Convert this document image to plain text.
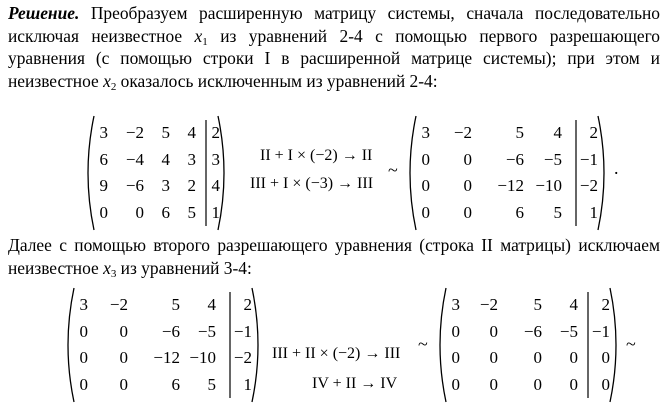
Решение. Преобразуем расширенную матрицу системы, сначала последовательно исключая неизвестное $x_1$ из уравнений 2-4 с помощью первого разрешающего уравнения (с помощью строки I в расширенной матрице системы); при этом и неизвестное $x_2$ оказалось исключенным из уравнений 2-4:

3 −2 5 4 2
6 −4 4 3 3
9 −6 3 2 4
0 0 6 5 1
II + I × (−2) → II
III + I × (−3) → III
~
3 −2	5 4 2
0 0 −6 −5 −1
0 0 −12 −10 −2
0 0	6 5 1
.

Далее с помощью второго разрешающего уравнения (строка II матрицы) исключаем неизвестное $x_3$ из уравнений 3-4:

3 −2	5 4 2
0 0 −6 −5 −1
0 0 −12 −10 −2
0 0	6 5 1
III + II × (−2) → III
IV + II → IV
~
3 −2 5 4 2
0 0 −6 −5 −1
0 0 0 0 0
0 0 0 0 0
~
